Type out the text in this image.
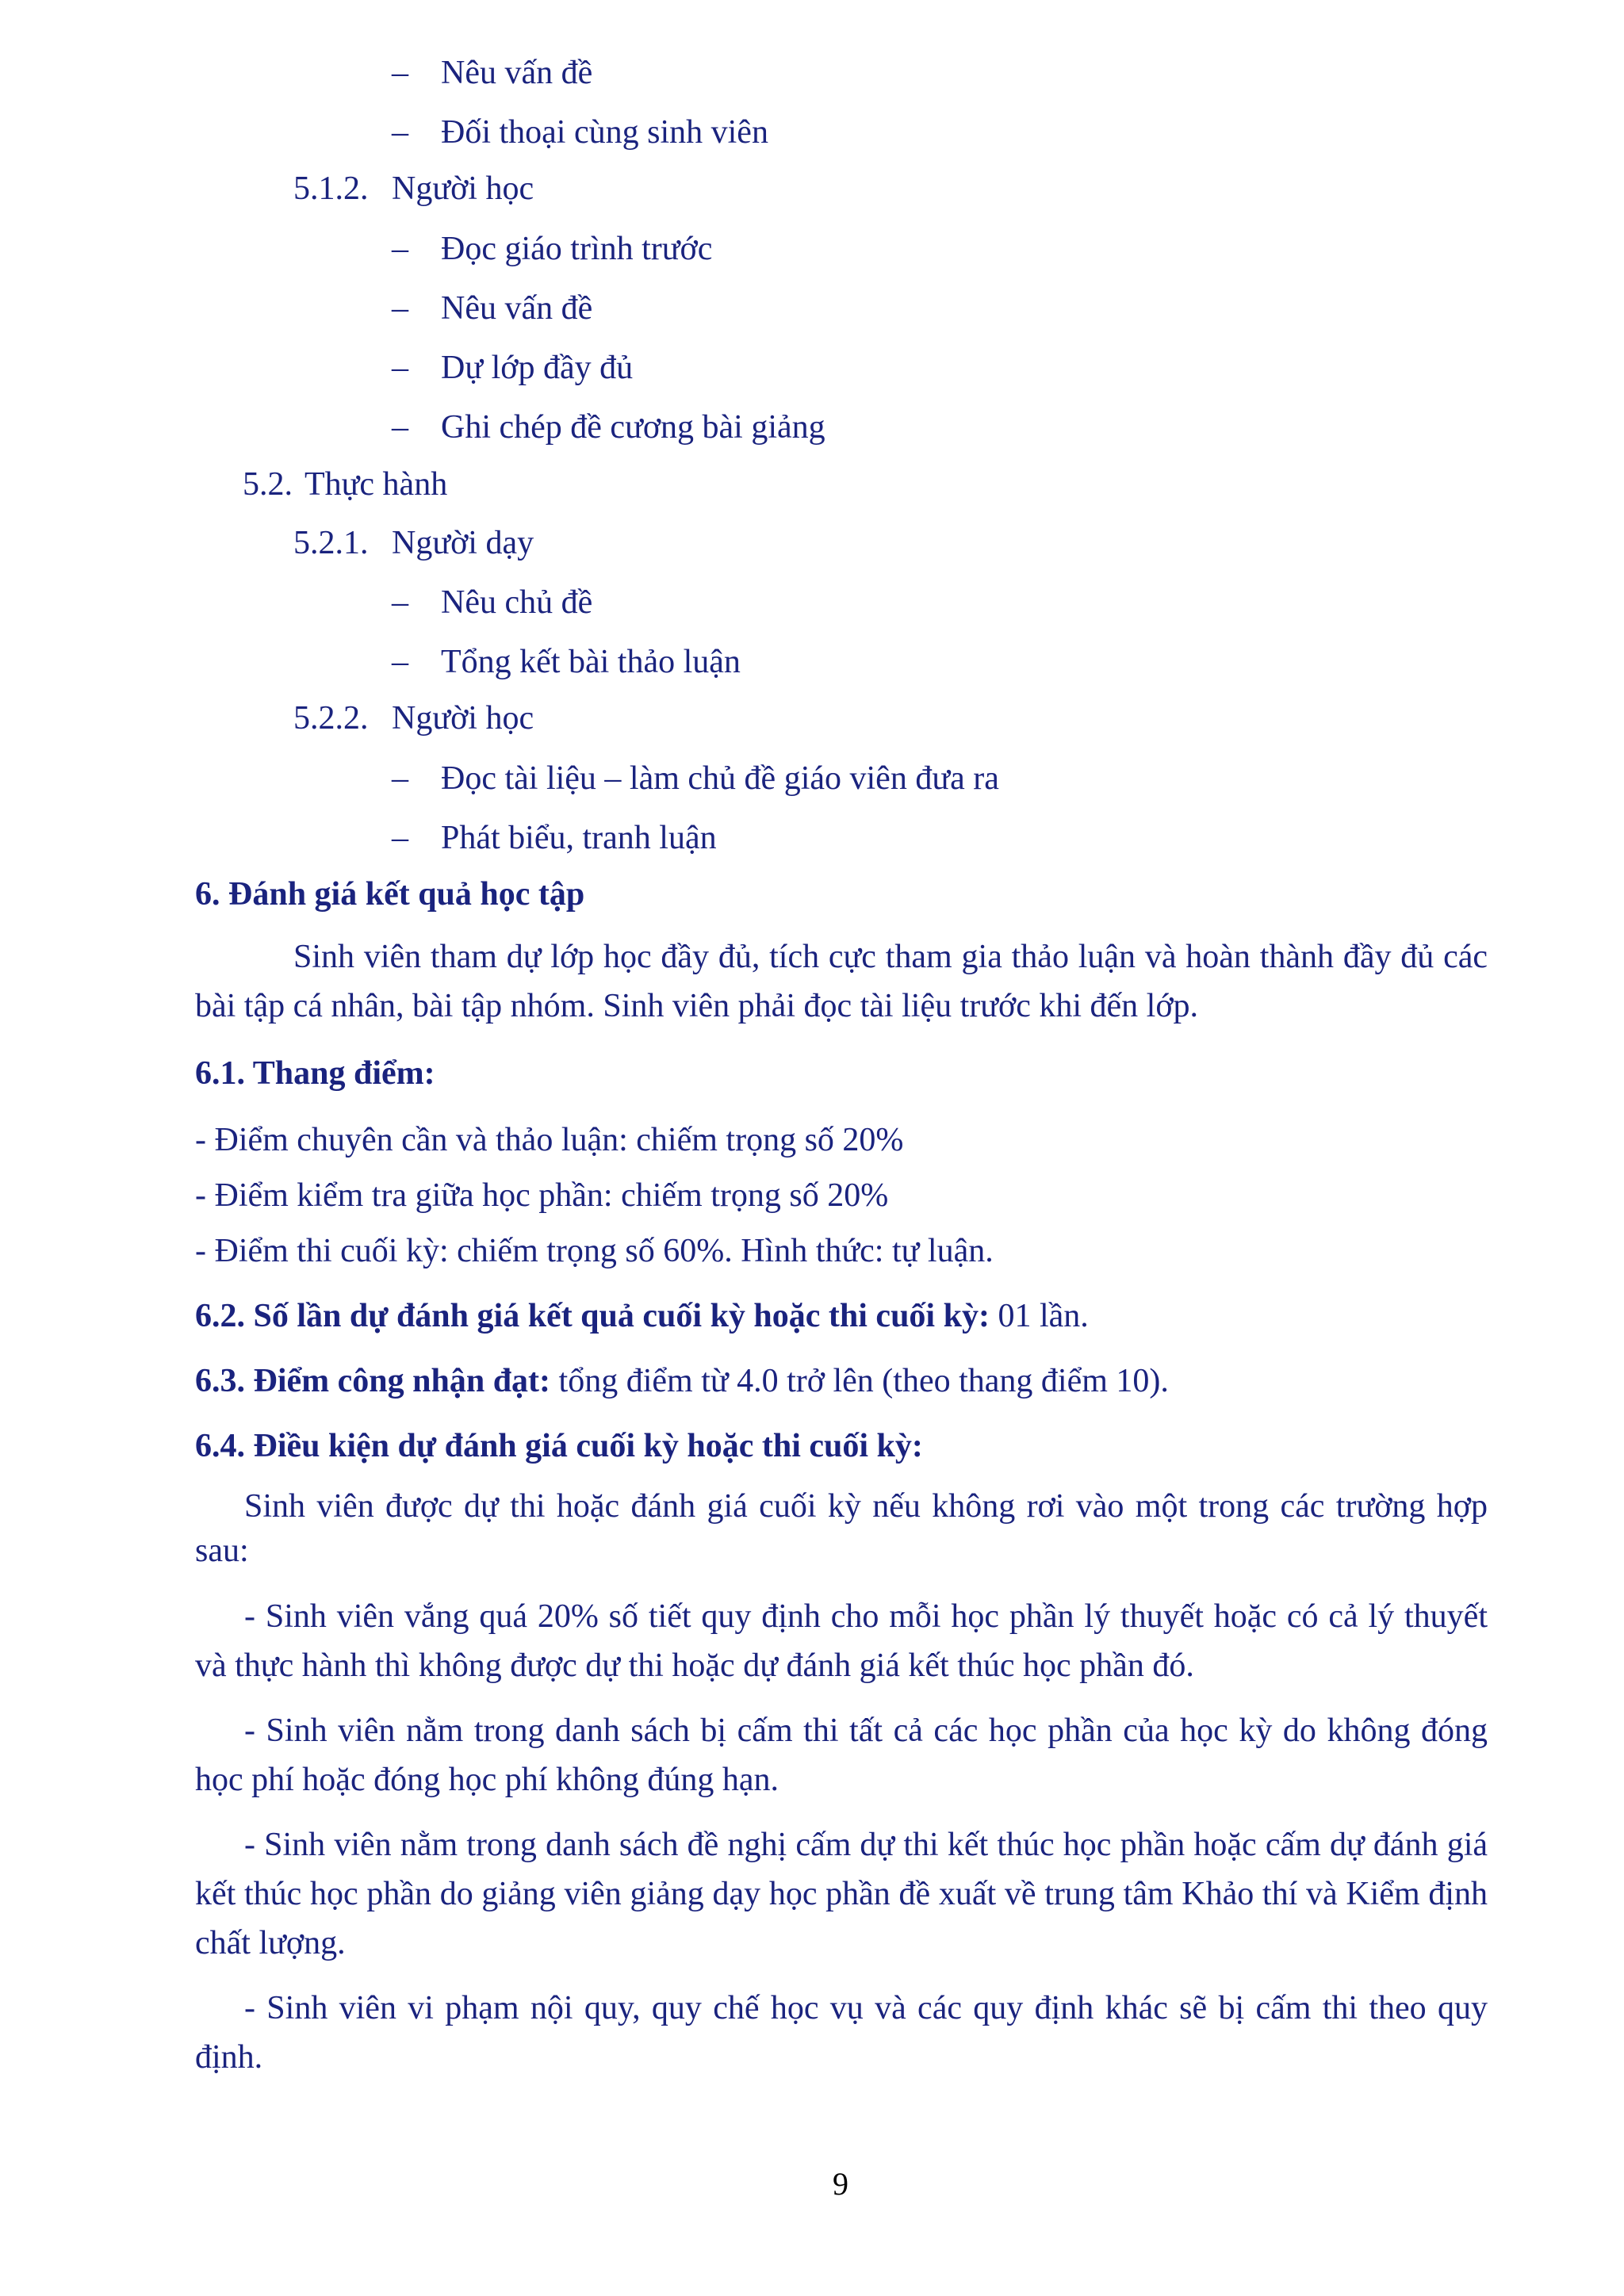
– Nêu vấn đề
– Đối thoại cùng sinh viên
5.1.2. Người học
– Đọc giáo trình trước
– Nêu vấn đề
– Dự lớp đầy đủ
– Ghi chép đề cương bài giảng
5.2. Thực hành
5.2.1. Người dạy
– Nêu chủ đề
– Tổng kết bài thảo luận
5.2.2. Người học
– Đọc tài liệu – làm chủ đề giáo viên đưa ra
– Phát biểu, tranh luận
6. Đánh giá kết quả học tập
Sinh viên tham dự lớp học đầy đủ, tích cực tham gia thảo luận và hoàn thành đầy đủ các bài tập cá nhân, bài tập nhóm. Sinh viên phải đọc tài liệu trước khi đến lớp.
6.1. Thang điểm:
- Điểm chuyên cần và thảo luận: chiếm trọng số 20%
- Điểm kiểm tra giữa học phần: chiếm trọng số 20%
- Điểm thi cuối kỳ: chiếm trọng số 60%. Hình thức: tự luận.
6.2. Số lần dự đánh giá kết quả cuối kỳ hoặc thi cuối kỳ: 01 lần.
6.3. Điểm công nhận đạt: tổng điểm từ 4.0 trở lên (theo thang điểm 10).
6.4. Điều kiện dự đánh giá cuối kỳ hoặc thi cuối kỳ:
Sinh viên được dự thi hoặc đánh giá cuối kỳ nếu không rơi vào một trong các trường hợp sau:
- Sinh viên vắng quá 20% số tiết quy định cho mỗi học phần lý thuyết hoặc có cả lý thuyết và thực hành thì không được dự thi hoặc dự đánh giá kết thúc học phần đó.
- Sinh viên nằm trong danh sách bị cấm thi tất cả các học phần của học kỳ do không đóng học phí hoặc đóng học phí không đúng hạn.
- Sinh viên nằm trong danh sách đề nghị cấm dự thi kết thúc học phần hoặc cấm dự đánh giá kết thúc học phần do giảng viên giảng dạy học phần đề xuất về trung tâm Khảo thí và Kiểm định chất lượng.
- Sinh viên vi phạm nội quy, quy chế học vụ và các quy định khác sẽ bị cấm thi theo quy định.
9
